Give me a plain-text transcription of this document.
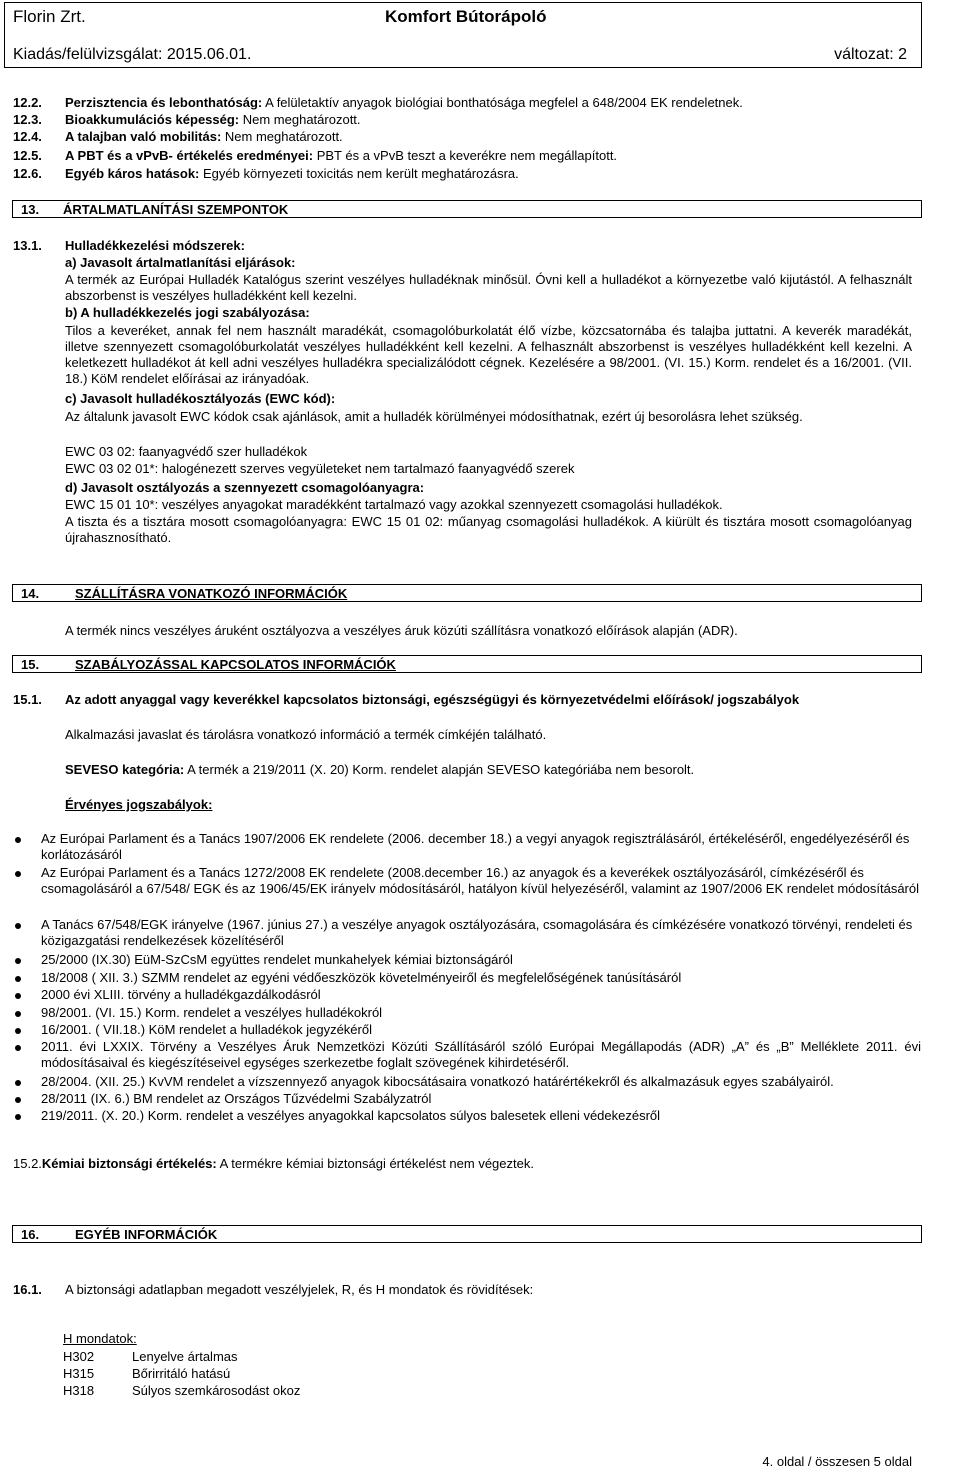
Florin Zrt.	Komfort Bútorápoló
Kiadás/felülvizsgálat: 2015.06.01.	változat: 2
12.2. Perzisztencia és lebonthatóság: A felületaktív anyagok biológiai bonthatósága megfelel a 648/2004 EK rendeletnek.
12.3. Bioakkumulációs képesség: Nem meghatározott.
12.4. A talajban való mobilitás: Nem meghatározott.
12.5. A PBT és a vPvB- értékelés eredményei: PBT és a vPvB teszt a keverékre nem megállapított.
12.6. Egyéb káros hatások: Egyéb környezeti toxicitás nem került meghatározásra.
13. ÁRTALMATLANÍTÁSI SZEMPONTOK
13.1. Hulladékkezelési módszerek:
a) Javasolt ártalmatlanítási eljárások:
A termék az Európai Hulladék Katalógus szerint veszélyes hulladéknak minősül. Óvni kell a hulladékot a környezetbe való kijutástól. A felhasznált abszorbenst is veszélyes hulladékként kell kezelni.
b) A hulladékkezelés jogi szabályozása:
Tilos a keveréket, annak fel nem használt maradékát, csomagolóburkolatát élő vízbe, közcsatornába és talajba juttatni. A keverék maradékát, illetve szennyezett csomagolóburkolatát veszélyes hulladékként kell kezelni. A felhasznált abszorbenst is veszélyes hulladékként kell kezelni. A keletkezett hulladékot át kell adni veszélyes hulladékra specializálódott cégnek. Kezelésére a 98/2001. (VI. 15.) Korm. rendelet és a 16/2001. (VII. 18.) KöM rendelet előírásai az irányadóak.
c) Javasolt hulladékosztályozás (EWC kód):
Az általunk javasolt EWC kódok csak ajánlások, amit a hulladék körülményei módosíthatnak, ezért új besorolásra lehet szükség.
EWC 03 02: faanyagvédő szer hulladékok
EWC 03 02 01*: halogénezett szerves vegyületeket nem tartalmazó faanyagvédő szerek
d) Javasolt osztályozás a szennyezett csomagolóanyagra:
EWC 15 01 10*: veszélyes anyagokat maradékként tartalmazó vagy azokkal szennyezett csomagolási hulladékok.
A tiszta és a tisztára mosott csomagolóanyagra: EWC 15 01 02: műanyag csomagolási hulladékok. A kiürült és tisztára mosott csomagolóanyag újrahasznosítható.
14.	SZÁLLÍTÁSRA VONATKOZÓ INFORMÁCIÓK
A termék nincs veszélyes áruként osztályozva a veszélyes áruk közúti szállításra vonatkozó előírások alapján (ADR).
15.	SZABÁLYOZÁSSAL KAPCSOLATOS INFORMÁCIÓK
15.1. Az adott anyaggal vagy keverékkel kapcsolatos biztonsági, egészségügyi és környezetvédelmi előírások/ jogszabályok
Alkalmazási javaslat és tárolásra vonatkozó információ a termék címkéjén található.
SEVESO kategória: A termék a 219/2011 (X. 20) Korm. rendelet alapján SEVESO kategóriába nem besorolt.
Érvényes jogszabályok:
Az Európai Parlament és a Tanács 1907/2006 EK rendelete (2006. december 18.) a vegyi anyagok regisztrálásáról, értékeléséről, engedélyezéséről és korlátozásáról
Az Európai Parlament és a Tanács 1272/2008 EK rendelete (2008.december 16.) az anyagok és a keverékek osztályozásáról, címkézéséről és csomagolásáról a 67/548/ EGK és az 1906/45/EK irányelv módosításáról, hatályon kívül helyezéséről, valamint az 1907/2006 EK rendelet módosításáról
A Tanács 67/548/EGK irányelve (1967. június 27.) a veszélye anyagok osztályozására, csomagolására és címkézésére vonatkozó törvényi, rendeleti és közigazgatási rendelkezések közelítéséről
25/2000 (IX.30) EüM-SzCsM együttes rendelet munkahelyek kémiai biztonságáról
18/2008 ( XII. 3.) SZMM rendelet az egyéni védőeszközök követelményeiről és megfelelőségének tanúsításáról
2000 évi XLIII. törvény a hulladékgazdálkodásról
98/2001. (VI. 15.) Korm. rendelet a veszélyes hulladékokról
16/2001. ( VII.18.) KöM rendelet a hulladékok jegyzékéről
2011. évi LXXIX. Törvény a Veszélyes Áruk Nemzetközi Közúti Szállításáról szóló Európai Megállapodás (ADR) „A” és „B” Melléklete 2011. évi módosításaival és kiegészítéseivel egységes szerkezetbe foglalt szövegének kihirdetéséről.
28/2004. (XII. 25.) KvVM rendelet a vízszennyező anyagok kibocsátásaira vonatkozó határértékekről és alkalmazásuk egyes szabályairól.
28/2011 (IX. 6.) BM rendelet az Országos Tűzvédelmi Szabályzatról
219/2011. (X. 20.) Korm. rendelet a veszélyes anyagokkal kapcsolatos súlyos balesetek elleni védekezésről
15.2.Kémiai biztonsági értékelés: A termékre kémiai biztonsági értékelést nem végeztek.
16.	EGYÉB INFORMÁCIÓK
16.1. A biztonsági adatlapban megadott veszélyjelek, R, és H mondatok és rövidítések:
H mondatok:
H302	Lenyelve ártalmas
H315	Bőrirritáló hatású
H318	Súlyos szemkárosodást okoz
4. oldal / összesen 5 oldal
